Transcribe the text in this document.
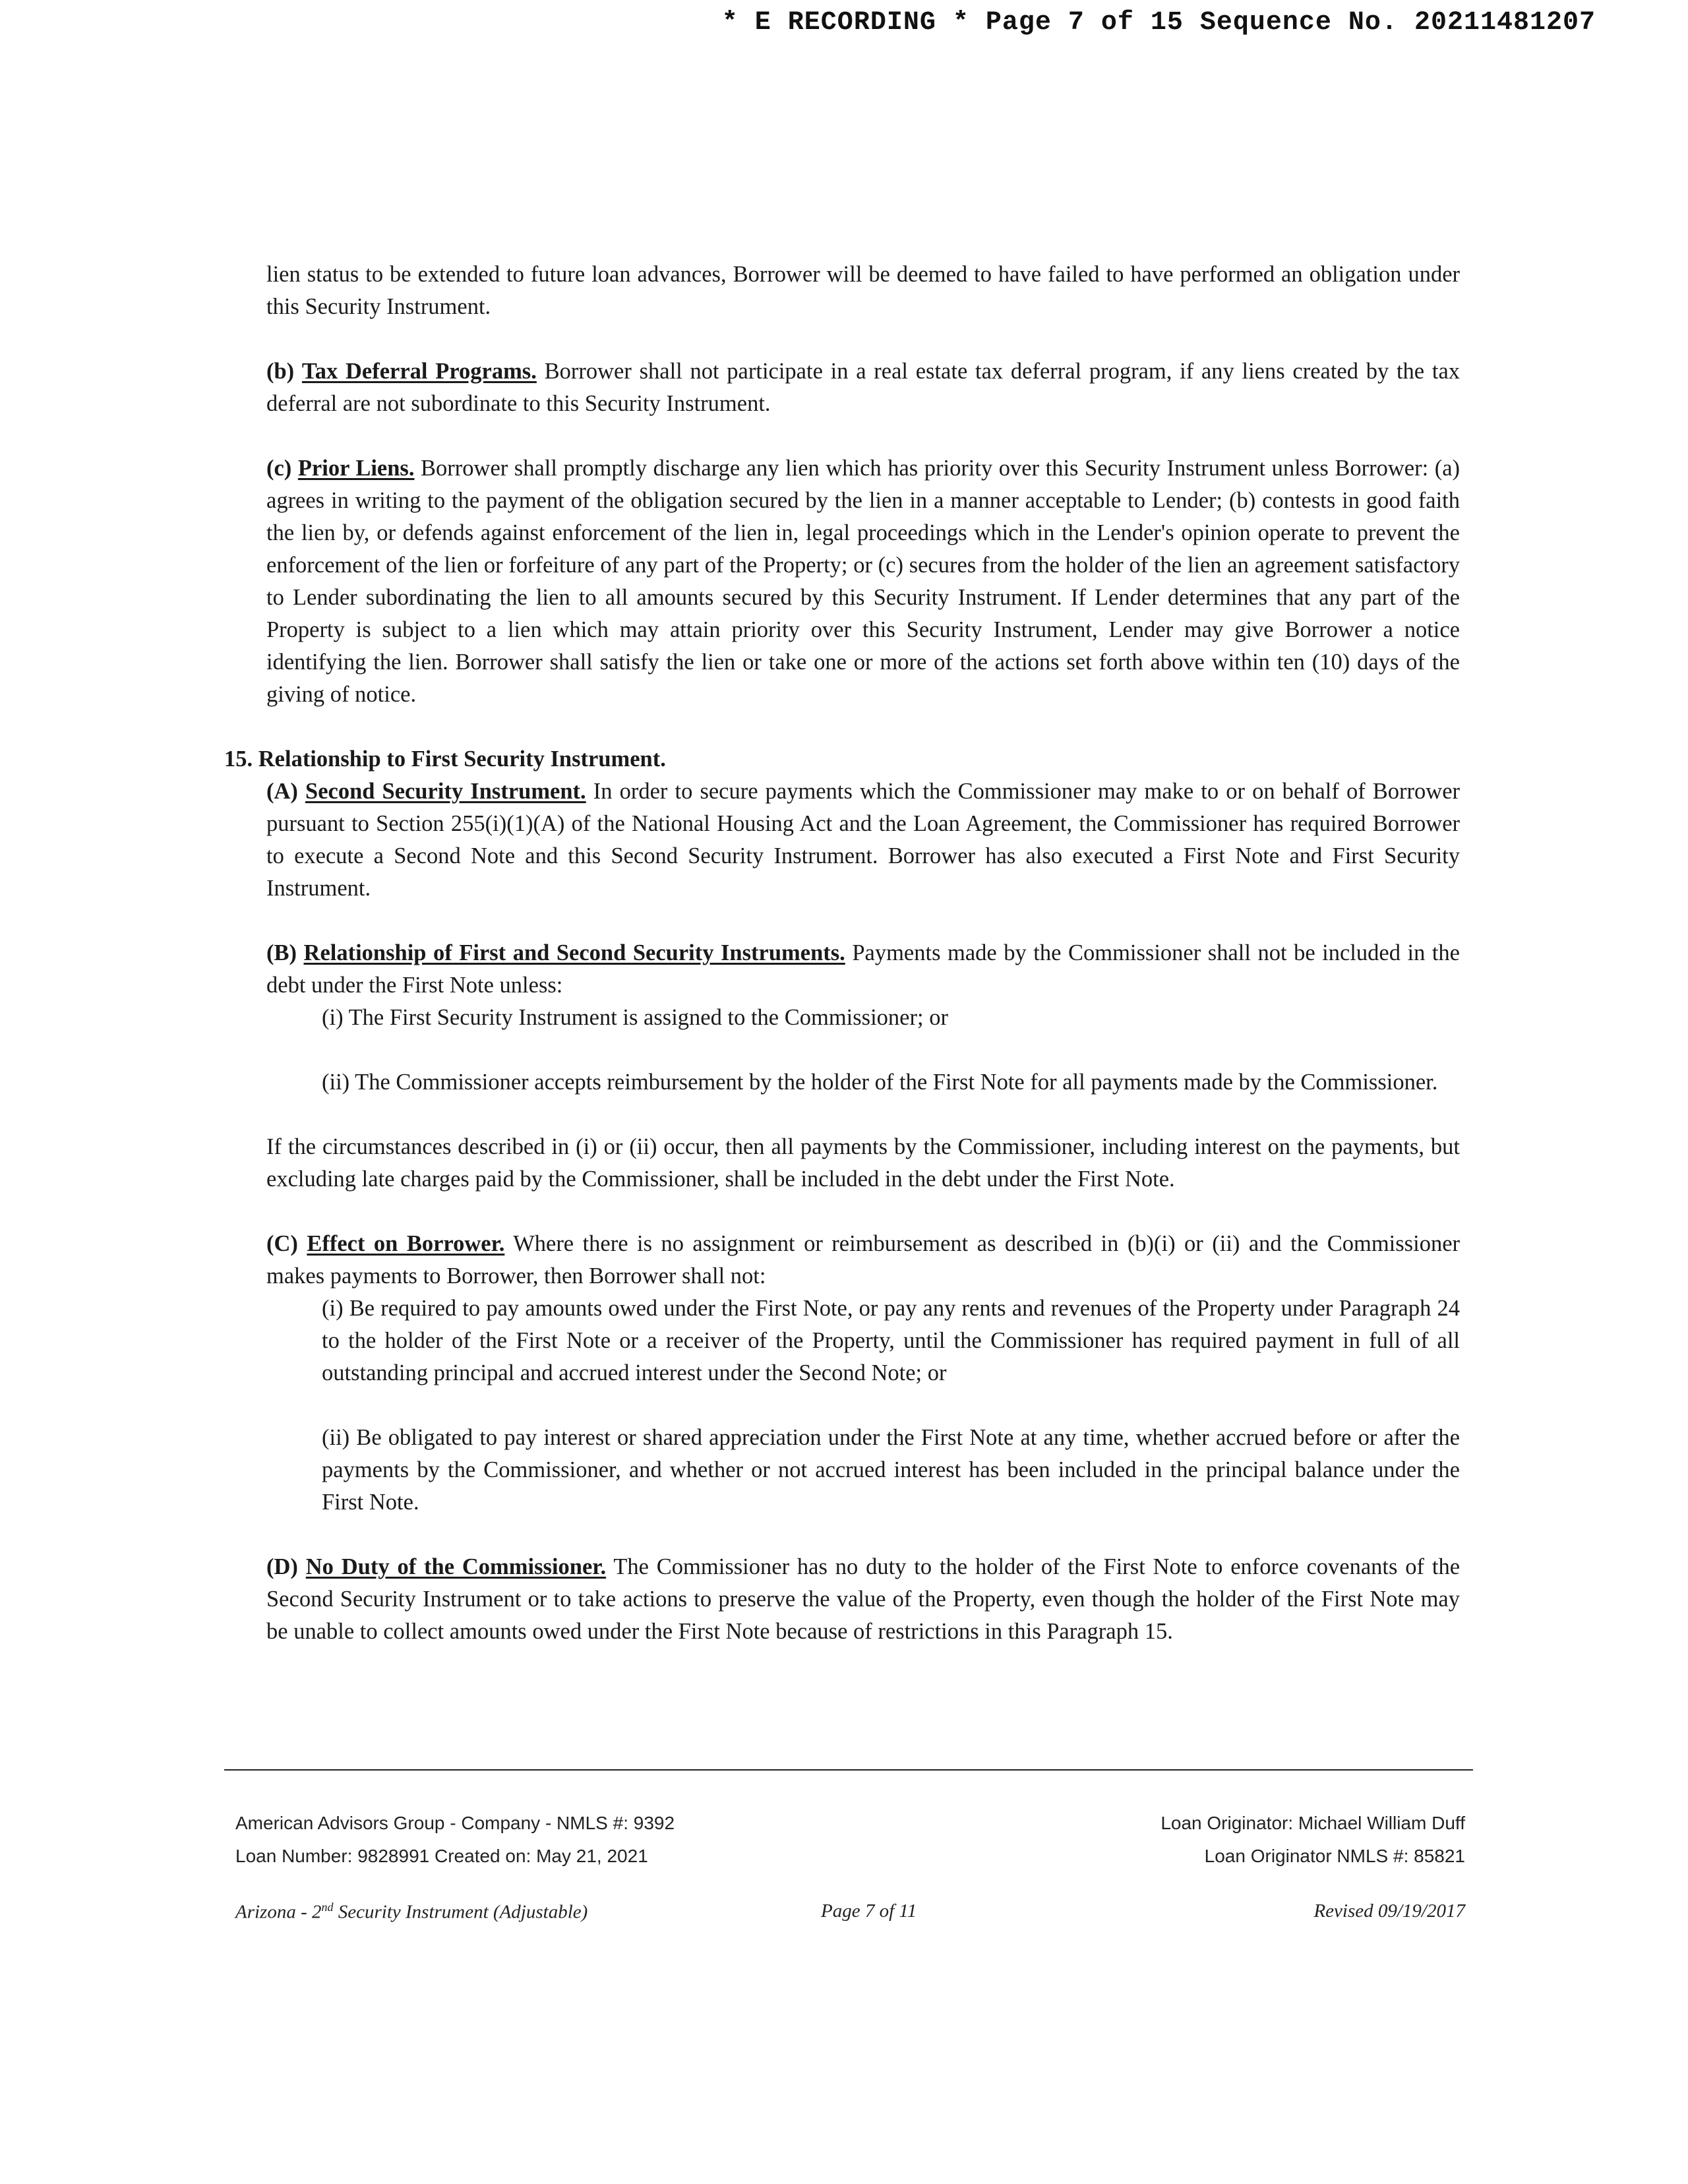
* E RECORDING * Page 7 of 15 Sequence No. 20211481207

lien status to be extended to future loan advances, Borrower will be deemed to have failed to have performed an obligation under this Security Instrument.

(b) Tax Deferral Programs. Borrower shall not participate in a real estate tax deferral program, if any liens created by the tax deferral are not subordinate to this Security Instrument.

(c) Prior Liens. Borrower shall promptly discharge any lien which has priority over this Security Instrument unless Borrower: (a) agrees in writing to the payment of the obligation secured by the lien in a manner acceptable to Lender; (b) contests in good faith the lien by, or defends against enforcement of the lien in, legal proceedings which in the Lender's opinion operate to prevent the enforcement of the lien or forfeiture of any part of the Property; or (c) secures from the holder of the lien an agreement satisfactory to Lender subordinating the lien to all amounts secured by this Security Instrument. If Lender determines that any part of the Property is subject to a lien which may attain priority over this Security Instrument, Lender may give Borrower a notice identifying the lien. Borrower shall satisfy the lien or take one or more of the actions set forth above within ten (10) days of the giving of notice.

15. Relationship to First Security Instrument.

(A) Second Security Instrument. In order to secure payments which the Commissioner may make to or on behalf of Borrower pursuant to Section 255(i)(1)(A) of the National Housing Act and the Loan Agreement, the Commissioner has required Borrower to execute a Second Note and this Second Security Instrument. Borrower has also executed a First Note and First Security Instrument.

(B) Relationship of First and Second Security Instruments. Payments made by the Commissioner shall not be included in the debt under the First Note unless:

(i) The First Security Instrument is assigned to the Commissioner; or

(ii) The Commissioner accepts reimbursement by the holder of the First Note for all payments made by the Commissioner.

If the circumstances described in (i) or (ii) occur, then all payments by the Commissioner, including interest on the payments, but excluding late charges paid by the Commissioner, shall be included in the debt under the First Note.

(C) Effect on Borrower. Where there is no assignment or reimbursement as described in (b)(i) or (ii) and the Commissioner makes payments to Borrower, then Borrower shall not:

(i) Be required to pay amounts owed under the First Note, or pay any rents and revenues of the Property under Paragraph 24 to the holder of the First Note or a receiver of the Property, until the Commissioner has required payment in full of all outstanding principal and accrued interest under the Second Note; or

(ii) Be obligated to pay interest or shared appreciation under the First Note at any time, whether accrued before or after the payments by the Commissioner, and whether or not accrued interest has been included in the principal balance under the First Note.

(D) No Duty of the Commissioner. The Commissioner has no duty to the holder of the First Note to enforce covenants of the Second Security Instrument or to take actions to preserve the value of the Property, even though the holder of the First Note may be unable to collect amounts owed under the First Note because of restrictions in this Paragraph 15.

American Advisors Group - Company - NMLS #: 9392
Loan Number: 9828991 Created on: May 21, 2021
Loan Originator: Michael William Duff
Loan Originator NMLS #: 85821
Arizona - 2nd Security Instrument (Adjustable)	Page 7 of 11	Revised 09/19/2017
